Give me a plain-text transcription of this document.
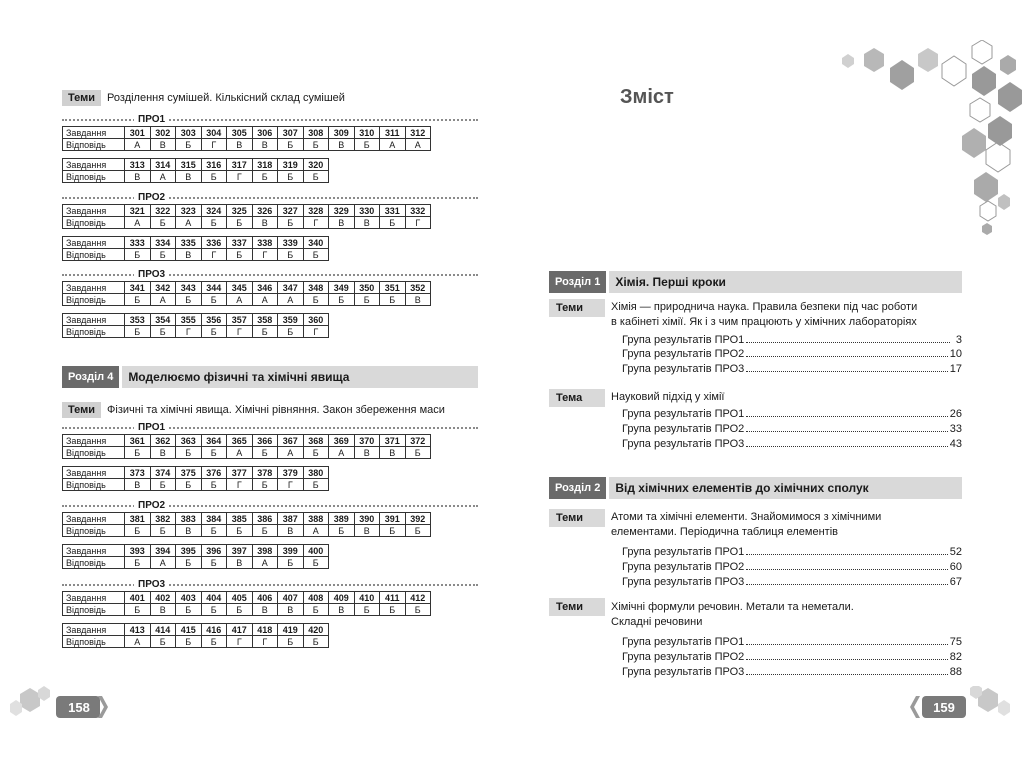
Теми	Розділення сумішей. Кількісний склад сумішей
Розділ 4	Моделюємо фізичні та хімічні явища
Теми	Фізичні та хімічні явища. Хімічні рівняння. Закон збереження маси
ПРО1
Завдання	301	302	303	304	305	306	307	308	309	310	311	312
Відповідь	А	В	Б	Г	В	В	Б	Б	В	Б	А	А
Завдання	313	314	315	316	317	318	319	320
Відповідь	В	А	В	Б	Г	Б	Б	Б
ПРО2
Завдання	321	322	323	324	325	326	327	328	329	330	331	332
Відповідь	А	Б	А	Б	Б	В	Б	Г	В	В	Б	Г
Завдання	333	334	335	336	337	338	339	340
Відповідь	Б	Б	В	Г	Б	Г	Б	Б
ПРО3
Завдання	341	342	343	344	345	346	347	348	349	350	351	352
Відповідь	Б	А	Б	Б	А	А	А	Б	Б	Б	Б	В
Завдання	353	354	355	356	357	358	359	360
Відповідь	Б	Б	Г	Б	Г	Б	Б	Г
ПРО1
Завдання	361	362	363	364	365	366	367	368	369	370	371	372
Відповідь	Б	В	Б	Б	А	Б	А	Б	А	В	В	Б
Завдання	373	374	375	376	377	378	379	380
Відповідь	В	Б	Б	Б	Г	Б	Г	Б
ПРО2
Завдання	381	382	383	384	385	386	387	388	389	390	391	392
Відповідь	Б	Б	В	Б	Б	Б	В	А	Б	В	Б	Б
Завдання	393	394	395	396	397	398	399	400
Відповідь	Б	А	Б	Б	В	А	Б	Б
ПРО3
Завдання	401	402	403	404	405	406	407	408	409	410	411	412
Відповідь	Б	В	Б	Б	Б	В	В	Б	В	Б	Б	Б
Завдання	413	414	415	416	417	418	419	420
Відповідь	А	Б	Б	Б	Г	Г	Б	Б
158
Зміст
Розділ 1	Хімія. Перші кроки
Теми	Хімія — природнича наука. Правила безпеки під час роботи
в кабінеті хімії. Як і з чим працюють у хімічних лабораторіях
Група результатів ПРО1	3
Група результатів ПРО2	10
Група результатів ПРО3	17
Тема	Науковий підхід у хімії
Група результатів ПРО1	26
Група результатів ПРО2	33
Група результатів ПРО3	43
Розділ 2	Від хімічних елементів до хімічних сполук
Теми	Атоми та хімічні елементи. Знайомимося з хімічними
елементами. Періодична таблиця елементів
Група результатів ПРО1	52
Група результатів ПРО2	60
Група результатів ПРО3	67
Теми	Хімічні формули речовин. Метали та неметали.
Складні речовини
Група результатів ПРО1	75
Група результатів ПРО2	82
Група результатів ПРО3	88
159
